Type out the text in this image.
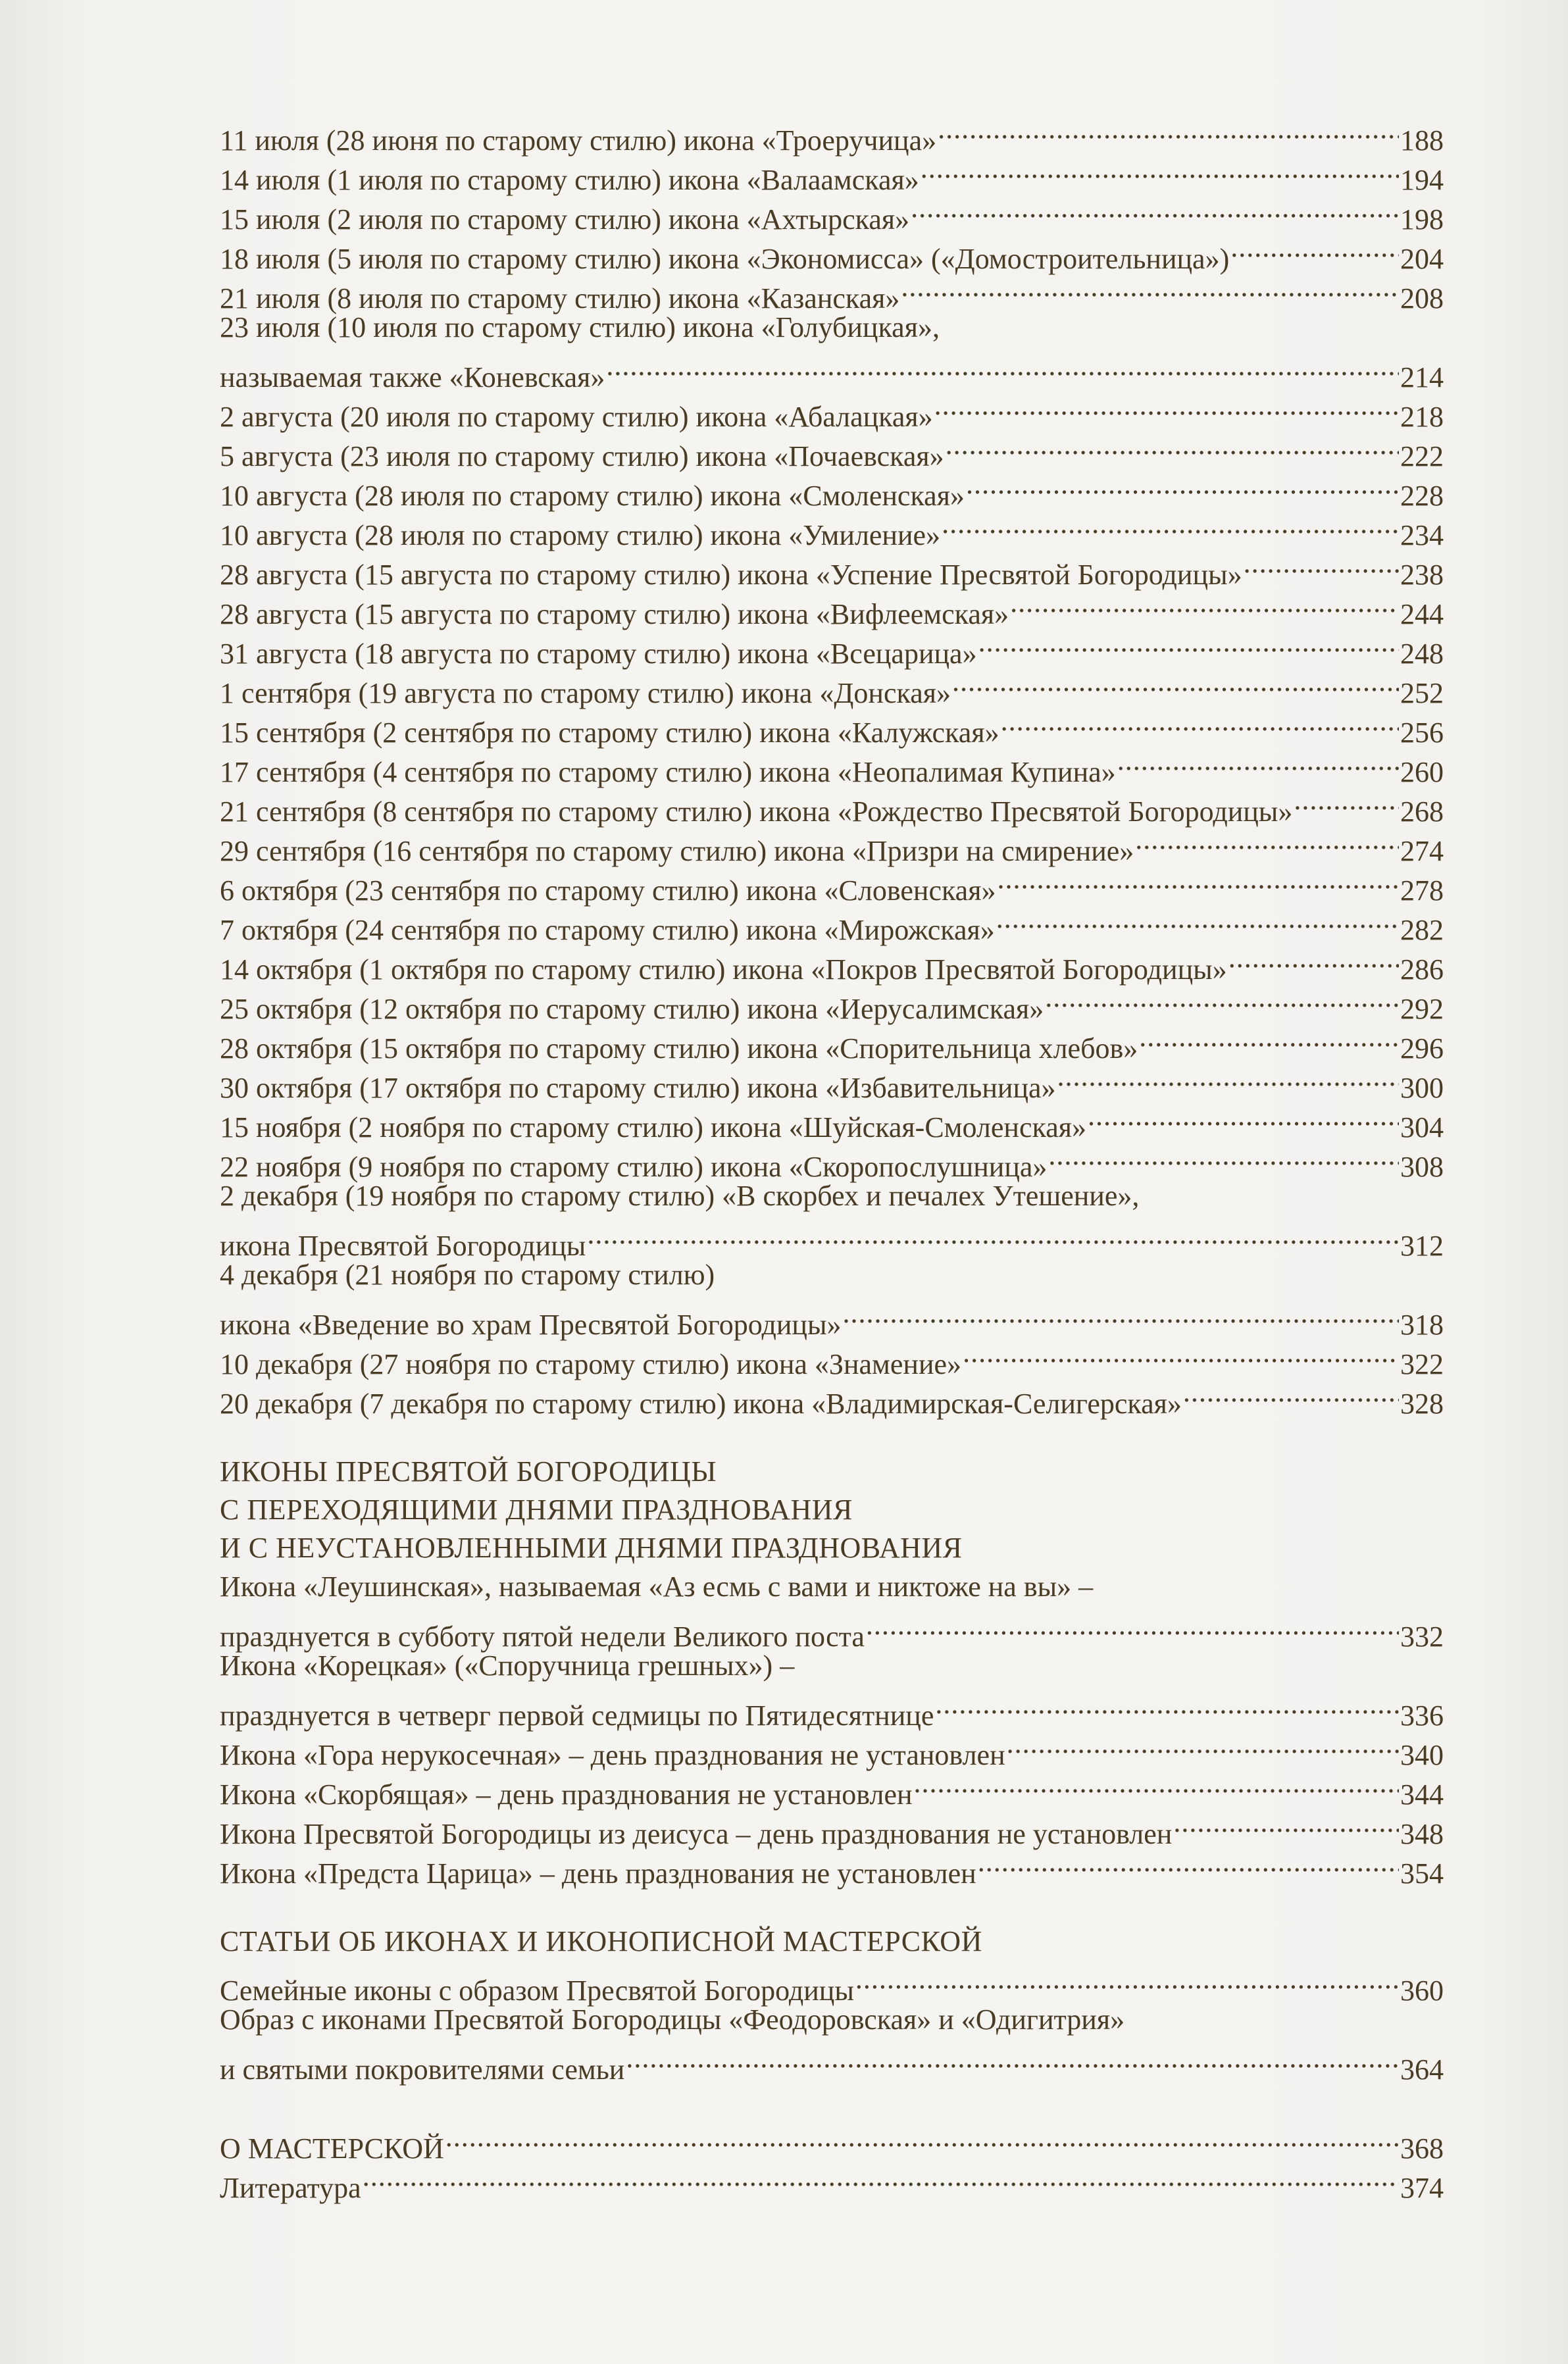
11 июля (28 июня по старому стилю) икона «Троеручица» .....	188
14 июля (1 июля по старому стилю) икона «Валаамская» .....	194
15 июля (2 июля по старому стилю) икона «Ахтырская» .....	198
18 июля (5 июля по старому стилю) икона «Экономисса» («Домостроительница») .....	204
21 июля (8 июля по старому стилю) икона «Казанская» .....	208
23 июля (10 июля по старому стилю) икона «Голубицкая»,
называемая также «Коневская» .....	214
2 августа (20 июля по старому стилю) икона «Абалацкая» .....	218
5 августа (23 июля по старому стилю) икона «Почаевская» .....	222
10 августа (28 июля по старому стилю) икона «Смоленская» .....	228
10 августа (28 июля по старому стилю) икона «Умиление» .....	234
28 августа (15 августа по старому стилю) икона «Успение Пресвятой Богородицы» .....	238
28 августа (15 августа по старому стилю) икона «Вифлеемская» .....	244
31 августа (18 августа по старому стилю) икона «Всецарица» .....	248
1 сентября (19 августа по старому стилю) икона «Донская» .....	252
15 сентября (2 сентября по старому стилю) икона «Калужская» .....	256
17 сентября (4 сентября по старому стилю) икона «Неопалимая Купина» .....	260
21 сентября (8 сентября по старому стилю) икона «Рождество Пресвятой Богородицы» .....	268
29 сентября (16 сентября по старому стилю) икона «Призри на смирение» .....	274
6 октября (23 сентября по старому стилю) икона «Словенская» .....	278
7 октября (24 сентября по старому стилю) икона «Мирожская» .....	282
14 октября (1 октября по старому стилю) икона «Покров Пресвятой Богородицы» .....	286
25 октября (12 октября по старому стилю) икона «Иерусалимская» .....	292
28 октября (15 октября по старому стилю) икона «Спорительница хлебов» .....	296
30 октября (17 октября по старому стилю) икона «Избавительница» .....	300
15 ноября (2 ноября по старому стилю) икона «Шуйская-Смоленская» .....	304
22 ноября (9 ноября по старому стилю) икона «Скоропослушница» .....	308
2 декабря (19 ноября по старому стилю) «В скорбех и печалех Утешение»,
икона Пресвятой Богородицы .....	312
4 декабря (21 ноября по старому стилю)
икона «Введение во храм Пресвятой Богородицы» .....	318
10 декабря (27 ноября по старому стилю) икона «Знамение» .....	322
20 декабря (7 декабря по старому стилю) икона «Владимирская-Селигерская» .....	328
ИКОНЫ ПРЕСВЯТОЙ БОГОРОДИЦЫ
С ПЕРЕХОДЯЩИМИ ДНЯМИ ПРАЗДНОВАНИЯ
И С НЕУСТАНОВЛЕННЫМИ ДНЯМИ ПРАЗДНОВАНИЯ
Икона «Леушинская», называемая «Аз есмь с вами и никтоже на вы» –
празднуется в субботу пятой недели Великого поста .....	332
Икона «Корецкая» («Споручница грешных») –
празднуется в четверг первой седмицы по Пятидесятнице .....	336
Икона «Гора нерукосечная» – день празднования не установлен .....	340
Икона «Скорбящая» – день празднования не установлен .....	344
Икона Пресвятой Богородицы из деисуса – день празднования не установлен .....	348
Икона «Предста Царица» – день празднования не установлен .....	354
СТАТЬИ ОБ ИКОНАХ И ИКОНОПИСНОЙ МАСТЕРСКОЙ
Семейные иконы с образом Пресвятой Богородицы .....	360
Образ с иконами Пресвятой Богородицы «Феодоровская» и «Одигитрия»
и святыми покровителями семьи .....	364
О МАСТЕРСКОЙ .....	368
Литература .....	374
